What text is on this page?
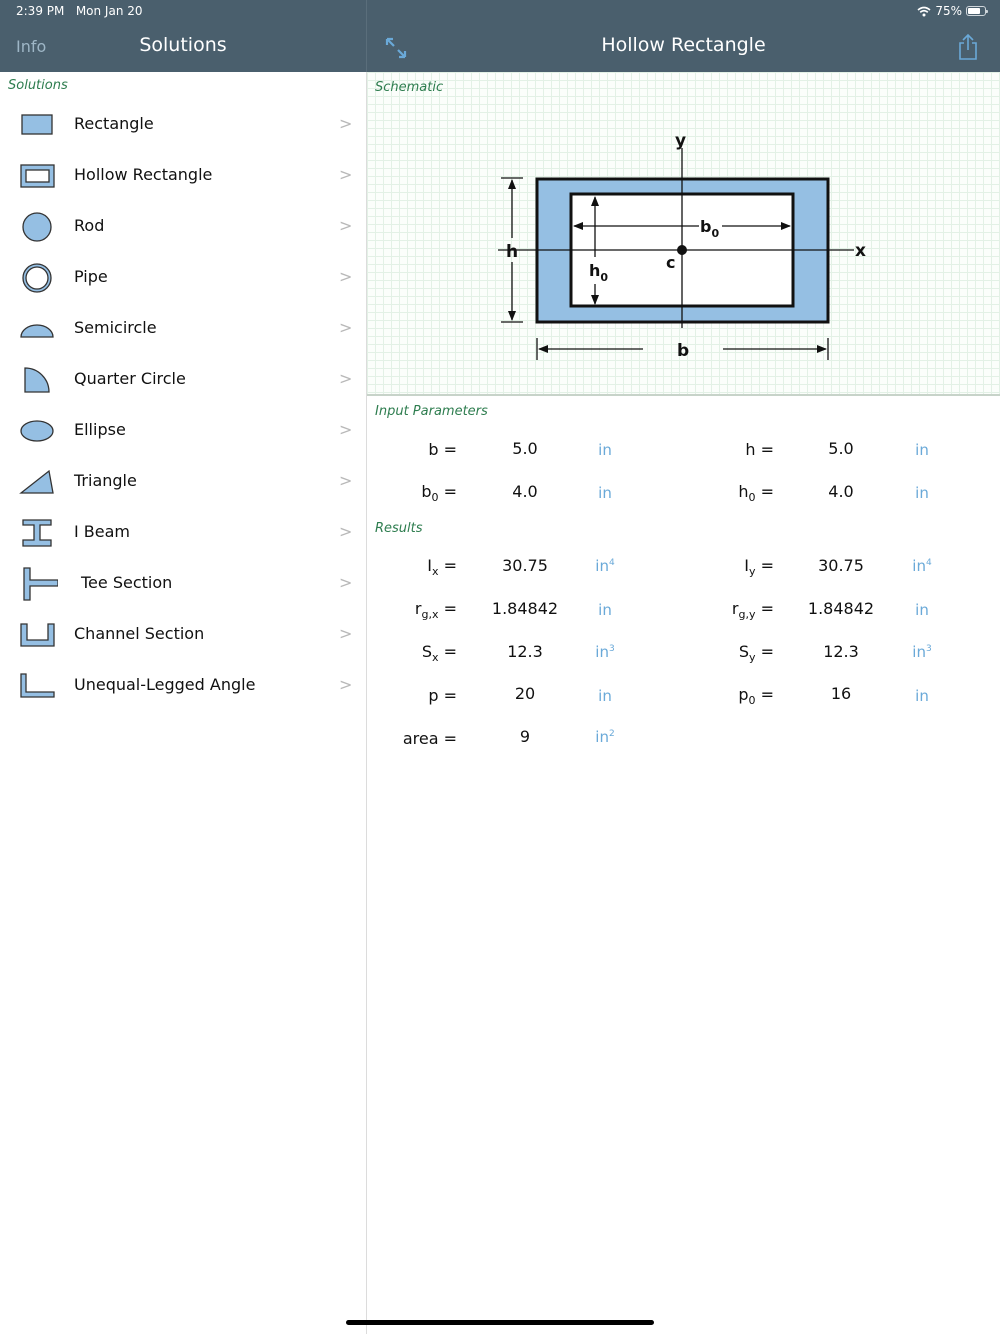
2:39 PM Mon Jan 20	75%
Info	Solutions	Hollow Rectangle
Solutions
Rectangle	>
Hollow Rectangle	>
Rod	>
Pipe	>
Semicircle	>
Quarter Circle	>
Ellipse	>
Triangle	>
I Beam	>
Tee Section	>
Channel Section	>
Unequal-Legged Angle	>
Schematic
y
x
c
h
$h_0$
$b_0$
b
Input Parameters
b =	5.0	in	h =	5.0	in
$b_0$ =	4.0	in	$h_0$ =	4.0	in
Results
$I_x$ =	30.75	$in^4$	$I_y$ =	30.75	$in^4$
$r_{g,x}$ =	1.84842	in	$r_{g,y}$ =	1.84842	in
$S_x$ =	12.3	$in^3$	$S_y$ =	12.3	$in^3$
p =	20	in	$p_0$ =	16	in
area =	9	$in^2$
